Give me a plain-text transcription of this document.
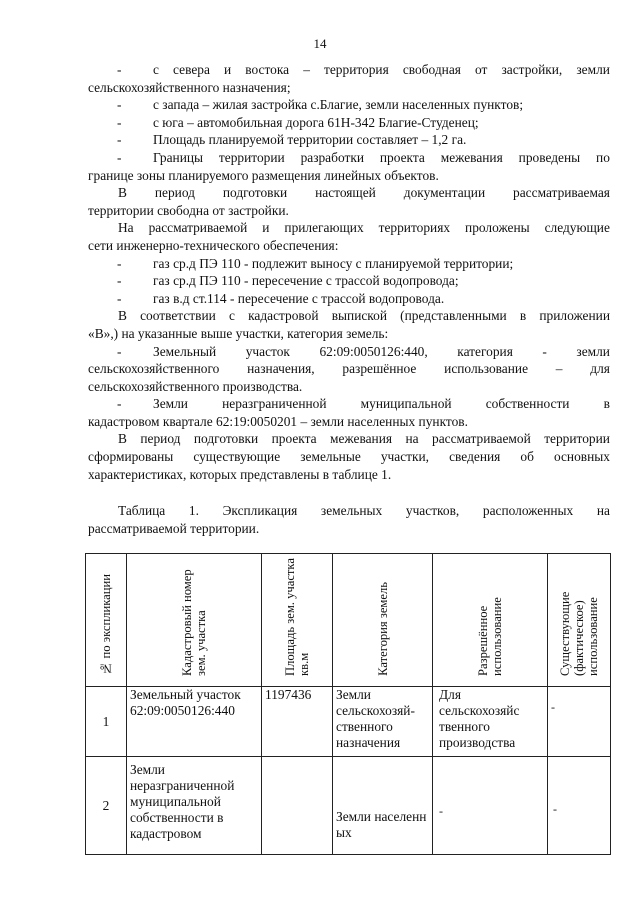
14
- с севера и востока – территория свободная от застройки, земли
сельскохозяйственного назначения;
- с запада – жилая застройка с.Благие, земли населенных пунктов;
- с юга – автомобильная дорога 61Н-342 Благие-Студенец;
- Площадь планируемой территории составляет – 1,2 га.
- Границы территории разработки проекта межевания проведены по
границе зоны планируемого размещения линейных объектов.
В период подготовки настоящей документации рассматриваемая
территории свободна от застройки.
На рассматриваемой и прилегающих территориях проложены следующие
сети инженерно-технического обеспечения:
- газ ср.д ПЭ 110 - подлежит выносу с планируемой территории;
- газ ср.д ПЭ 110 - пересечение с трассой водопровода;
- газ в.д ст.114 - пересечение с трассой водопровода.
В соответствии с кадастровой выпиской (представленными в приложении
«В»,) на указанные выше участки, категория земель:
- Земельный участок 62:09:0050126:440, категория - земли
сельскохозяйственного назначения, разрешённое использование – для
сельскохозяйственного производства.
- Земли	неразграниченной	муниципальной	собственности	в
кадастровом квартале 62:19:0050201 – земли населенных пунктов.
В период подготовки проекта межевания на рассматриваемой территории
сформированы существующие земельные участки, сведения об основных
характеристиках, которых представлены в таблице 1.
Таблица 1. Экспликация земельных участков, расположенных на
рассматриваемой территории.
№ по экспликации	Кадастровый номер зем. участка	Площадь зем. участка кв.м	Категория земель	Разрешённое использование	Существующие (фактическое) использование
1	Земельный участок 62:09:0050126:440	1197436	Земли сельскохозяй-ственного назначения	Для сельскохозяйс твенного производства	-
2	Земли неразграниченной муниципальной собственности в кадастровом		Земли населенн ых	-	-
